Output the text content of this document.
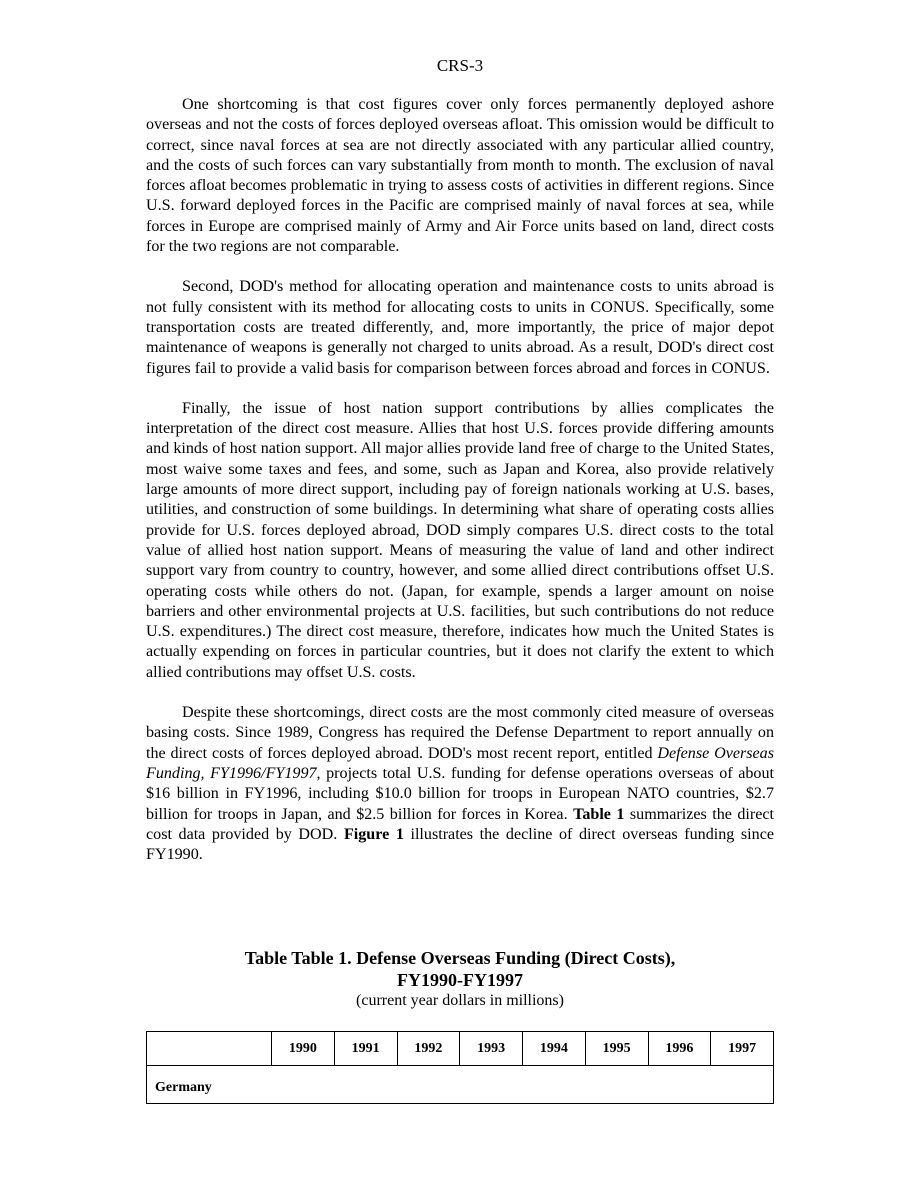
CRS-3

One shortcoming is that cost figures cover only forces permanently deployed ashore overseas and not the costs of forces deployed overseas afloat. This omission would be difficult to correct, since naval forces at sea are not directly associated with any particular allied country, and the costs of such forces can vary substantially from month to month. The exclusion of naval forces afloat becomes problematic in trying to assess costs of activities in different regions. Since U.S. forward deployed forces in the Pacific are comprised mainly of naval forces at sea, while forces in Europe are comprised mainly of Army and Air Force units based on land, direct costs for the two regions are not comparable.

Second, DOD's method for allocating operation and maintenance costs to units abroad is not fully consistent with its method for allocating costs to units in CONUS. Specifically, some transportation costs are treated differently, and, more importantly, the price of major depot maintenance of weapons is generally not charged to units abroad. As a result, DOD's direct cost figures fail to provide a valid basis for comparison between forces abroad and forces in CONUS.

Finally, the issue of host nation support contributions by allies complicates the interpretation of the direct cost measure. Allies that host U.S. forces provide differing amounts and kinds of host nation support. All major allies provide land free of charge to the United States, most waive some taxes and fees, and some, such as Japan and Korea, also provide relatively large amounts of more direct support, including pay of foreign nationals working at U.S. bases, utilities, and construction of some buildings. In determining what share of operating costs allies provide for U.S. forces deployed abroad, DOD simply compares U.S. direct costs to the total value of allied host nation support. Means of measuring the value of land and other indirect support vary from country to country, however, and some allied direct contributions offset U.S. operating costs while others do not. (Japan, for example, spends a larger amount on noise barriers and other environmental projects at U.S. facilities, but such contributions do not reduce U.S. expenditures.) The direct cost measure, therefore, indicates how much the United States is actually expending on forces in particular countries, but it does not clarify the extent to which allied contributions may offset U.S. costs.

Despite these shortcomings, direct costs are the most commonly cited measure of overseas basing costs. Since 1989, Congress has required the Defense Department to report annually on the direct costs of forces deployed abroad. DOD's most recent report, entitled Defense Overseas Funding, FY1996/FY1997, projects total U.S. funding for defense operations overseas of about $16 billion in FY1996, including $10.0 billion for troops in European NATO countries, $2.7 billion for troops in Japan, and $2.5 billion for forces in Korea. Table 1 summarizes the direct cost data provided by DOD. Figure 1 illustrates the decline of direct overseas funding since FY1990.

Table Table 1. Defense Overseas Funding (Direct Costs),
FY1990-FY1997
(current year dollars in millions)
	1990	1991	1992	1993	1994	1995	1996	1997
Germany
